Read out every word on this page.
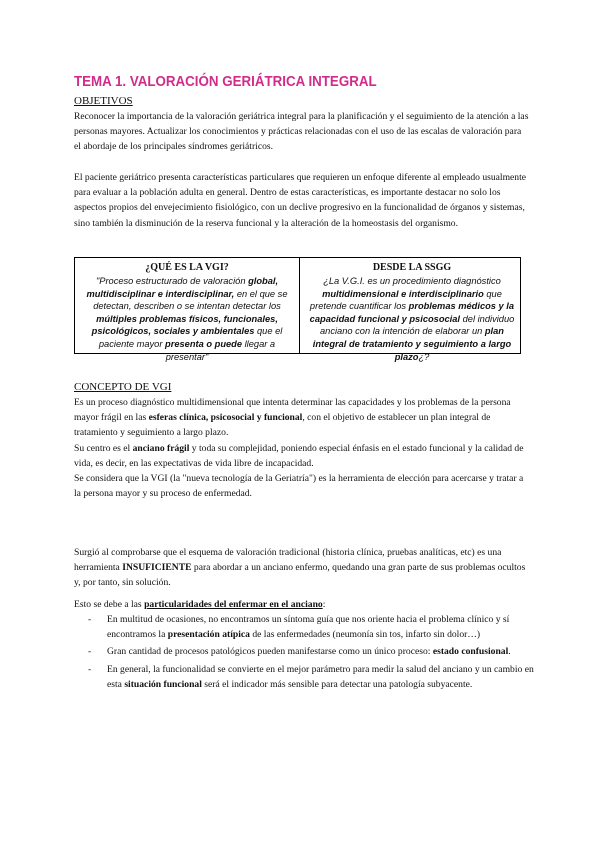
TEMA 1. VALORACIÓN GERIÁTRICA INTEGRAL
OBJETIVOS

Reconocer la importancia de la valoración geriátrica integral para la planificación y el seguimiento de la atención a las personas mayores. Actualizar los conocimientos y prácticas relacionadas con el uso de las escalas de valoración para el abordaje de los principales síndromes geriátricos.

El paciente geriátrico presenta características particulares que requieren un enfoque diferente al empleado usualmente para evaluar a la población adulta en general. Dentro de estas características, es importante destacar no solo los aspectos propios del envejecimiento fisiológico, con un declive progresivo en la funcionalidad de órganos y sistemas, sino también la disminución de la reserva funcional y la alteración de la homeostasis del organismo.

¿QUÉ ES LA VGI?
"Proceso estructurado de valoración global, multidisciplinar e interdisciplinar, en el que se detectan, describen o se intentan detectar los múltiples problemas físicos, funcionales, psicológicos, sociales y ambientales que el paciente mayor presenta o puede llegar a presentar"
DESDE LA SSGG
¿La V.G.I. es un procedimiento diagnóstico multidimensional e interdisciplinario que pretende cuantificar los problemas médicos y la capacidad funcional y psicosocial del individuo anciano con la intención de elaborar un plan integral de tratamiento y seguimiento a largo plazo¿?
CONCEPTO DE VGI

Es un proceso diagnóstico multidimensional que intenta determinar las capacidades y los problemas de la persona mayor frágil en las esferas clínica, psicosocial y funcional, con el objetivo de establecer un plan integral de tratamiento y seguimiento a largo plazo.

Su centro es el anciano frágil y toda su complejidad, poniendo especial énfasis en el estado funcional y la calidad de vida, es decir, en las expectativas de vida libre de incapacidad.

Se considera que la VGI (la "nueva tecnología de la Geriatría") es la herramienta de elección para acercarse y tratar a la persona mayor y su proceso de enfermedad.

Surgió al comprobarse que el esquema de valoración tradicional (historia clínica, pruebas analíticas, etc) es una herramienta INSUFICIENTE para abordar a un anciano enfermo, quedando una gran parte de sus problemas ocultos y, por tanto, sin solución.

Esto se debe a las particularidades del enfermar en el anciano:

- En multitud de ocasiones, no encontramos un síntoma guía que nos oriente hacia el problema clínico y sí encontramos la presentación atípica de las enfermedades (neumonía sin tos, infarto sin dolor…)
- Gran cantidad de procesos patológicos pueden manifestarse como un único proceso: estado confusional.
- En general, la funcionalidad se convierte en el mejor parámetro para medir la salud del anciano y un cambio en esta situación funcional será el indicador más sensible para detectar una patología subyacente.
